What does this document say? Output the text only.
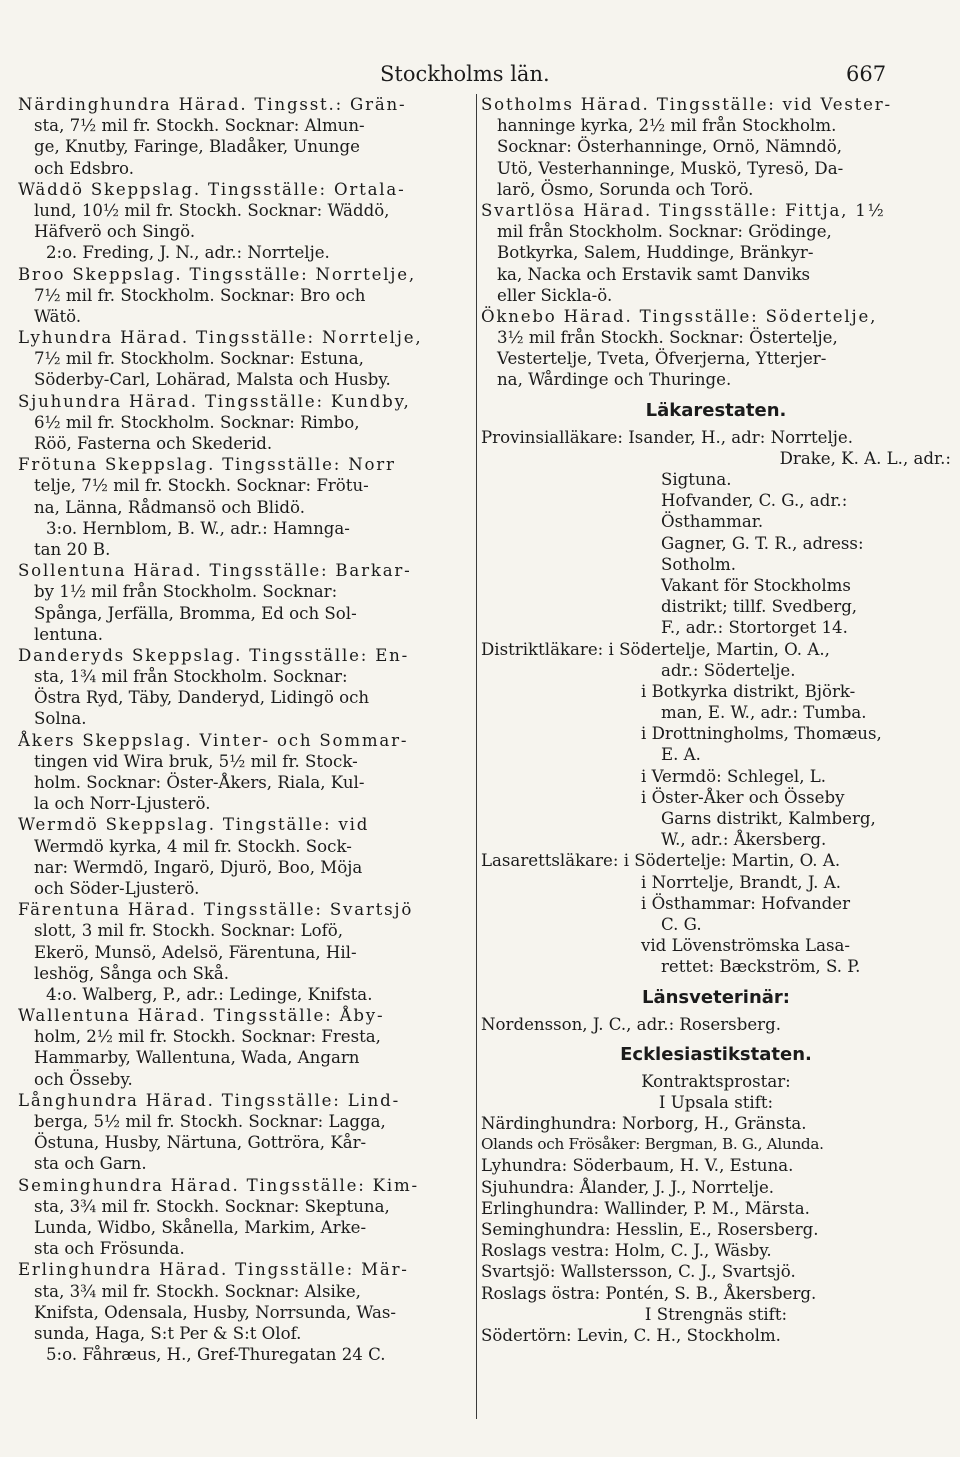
Stockholms län.	667
Närdinghundra Härad. Tingsst.: Grän-
sta, 7½ mil fr. Stockh. Socknar: Almun-
ge, Knutby, Faringe, Bladåker, Ununge
och Edsbro.
Wäddö Skeppslag. Tingsställe: Ortala-
lund, 10½ mil fr. Stockh. Socknar: Wäddö,
Häfverö och Singö.
2:o. Freding, J. N., adr.: Norrtelje.
Broo Skeppslag. Tingsställe: Norrtelje,
7½ mil fr. Stockholm. Socknar: Bro och
Wätö.
Lyhundra Härad. Tingsställe: Norrtelje,
7½ mil fr. Stockholm. Socknar: Estuna,
Söderby-Carl, Lohärad, Malsta och Husby.
Sjuhundra Härad. Tingsställe: Kundby,
6½ mil fr. Stockholm. Socknar: Rimbo,
Röö, Fasterna och Skederid.
Frötuna Skeppslag. Tingsställe: Norr
telje, 7½ mil fr. Stockh. Socknar: Frötu-
na, Länna, Rådmansö och Blidö.
3:o. Hernblom, B. W., adr.: Hamnga-
tan 20 B.
Sollentuna Härad. Tingsställe: Barkar-
by 1½ mil från Stockholm. Socknar:
Spånga, Jerfälla, Bromma, Ed och Sol-
lentuna.
Danderyds Skeppslag. Tingsställe: En-
sta, 1¾ mil från Stockholm. Socknar:
Östra Ryd, Täby, Danderyd, Lidingö och
Solna.
Åkers Skeppslag. Vinter- och Sommar-
tingen vid Wira bruk, 5½ mil fr. Stock-
holm. Socknar: Öster-Åkers, Riala, Kul-
la och Norr-Ljusterö.
Wermdö Skeppslag. Tingställe: vid
Wermdö kyrka, 4 mil fr. Stockh. Sock-
nar: Wermdö, Ingarö, Djurö, Boo, Möja
och Söder-Ljusterö.
Färentuna Härad. Tingsställe: Svartsjö
slott, 3 mil fr. Stockh. Socknar: Lofö,
Ekerö, Munsö, Adelsö, Färentuna, Hil-
leshög, Sånga och Skå.
4:o. Walberg, P., adr.: Ledinge, Knifsta.
Wallentuna Härad. Tingsställe: Åby-
holm, 2½ mil fr. Stockh. Socknar: Fresta,
Hammarby, Wallentuna, Wada, Angarn
och Össeby.
Långhundra Härad. Tingsställe: Lind-
berga, 5½ mil fr. Stockh. Socknar: Lagga,
Östuna, Husby, Närtuna, Gottröra, Kår-
sta och Garn.
Seminghundra Härad. Tingsställe: Kim-
sta, 3¾ mil fr. Stockh. Socknar: Skeptuna,
Lunda, Widbo, Skånella, Markim, Arke-
sta och Frösunda.
Erlinghundra Härad. Tingsställe: Mär-
sta, 3¾ mil fr. Stockh. Socknar: Alsike,
Knifsta, Odensala, Husby, Norrsunda, Was-
sunda, Haga, S:t Per & S:t Olof.
5:o. Fåhræus, H., Gref-Thuregatan 24 C.
Sotholms Härad. Tingsställe: vid Vester-
hanninge kyrka, 2½ mil från Stockholm.
Socknar: Österhanninge, Ornö, Nämndö,
Utö, Vesterhanninge, Muskö, Tyresö, Da-
larö, Ösmo, Sorunda och Torö.
Svartlösa Härad. Tingsställe: Fittja, 1½
mil från Stockholm. Socknar: Grödinge,
Botkyrka, Salem, Huddinge, Bränkyr-
ka, Nacka och Erstavik samt Danviks
eller Sickla-ö.
Öknebo Härad. Tingsställe: Södertelje,
3½ mil från Stockh. Socknar: Östertelje,
Vestertelje, Tveta, Öfverjerna, Ytterjer-
na, Wårdinge och Thuringe.
Läkarestaten.
Provinsialläkare: Isander, H., adr: Norrtelje.
Drake, K. A. L., adr.:
Sigtuna.
Hofvander, C. G., adr.:
Östhammar.
Gagner, G. T. R., adress:
Sotholm.
Vakant för Stockholms
distrikt; tillf. Svedberg,
F., adr.: Stortorget 14.
Distriktläkare: i Södertelje, Martin, O. A.,
adr.: Södertelje.
i Botkyrka distrikt, Björk-
man, E. W., adr.: Tumba.
i Drottningholms, Thomæus,
E. A.
i Vermdö: Schlegel, L.
i Öster-Åker och Össeby
Garns distrikt, Kalmberg,
W., adr.: Åkersberg.
Lasarettsläkare: i Södertelje: Martin, O. A.
i Norrtelje, Brandt, J. A.
i Östhammar: Hofvander
C. G.
vid Lövenströmska Lasa-
rettet: Bæckström, S. P.
Länsveterinär:
Nordensson, J. C., adr.: Rosersberg.
Ecklesiastikstaten.
Kontraktsprostar:
I Upsala stift:
Närdinghundra: Norborg, H., Gränsta.
Olands och Frösåker: Bergman, B. G., Alunda.
Lyhundra: Söderbaum, H. V., Estuna.
Sjuhundra: Ålander, J. J., Norrtelje.
Erlinghundra: Wallinder, P. M., Märsta.
Seminghundra: Hesslin, E., Rosersberg.
Roslags vestra: Holm, C. J., Wäsby.
Svartsjö: Wallstersson, C. J., Svartsjö.
Roslags östra: Pontén, S. B., Åkersberg.
I Strengnäs stift:
Södertörn: Levin, C. H., Stockholm.
